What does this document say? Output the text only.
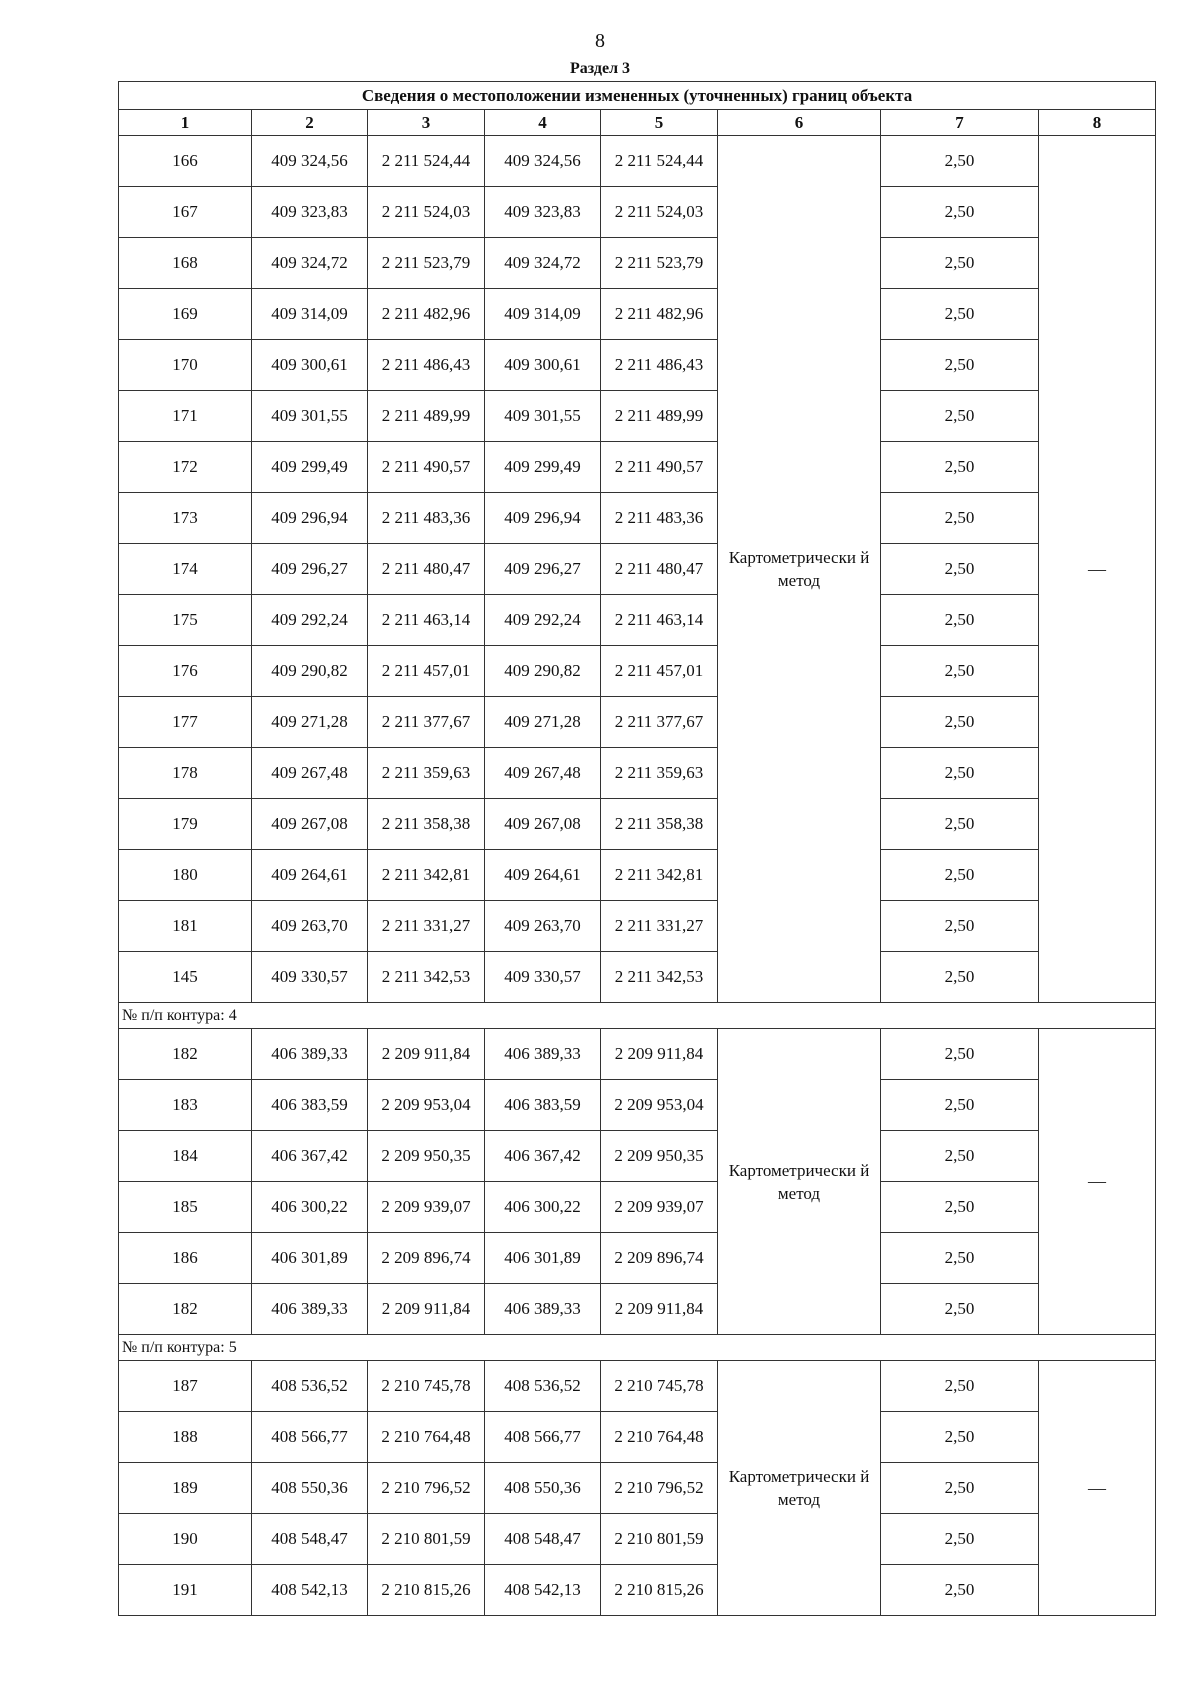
8
Раздел 3
Сведения о местоположении измененных (уточненных) границ объекта							
1	2	3	4	5	6	7	8
166	409 324,56	2 211 524,44	409 324,56	2 211 524,44	Картометрически й метод	2,50	—
167	409 323,83	2 211 524,03	409 323,83	2 211 524,03		2,50	
168	409 324,72	2 211 523,79	409 324,72	2 211 523,79		2,50	
169	409 314,09	2 211 482,96	409 314,09	2 211 482,96		2,50	
170	409 300,61	2 211 486,43	409 300,61	2 211 486,43		2,50	
171	409 301,55	2 211 489,99	409 301,55	2 211 489,99		2,50	
172	409 299,49	2 211 490,57	409 299,49	2 211 490,57		2,50	
173	409 296,94	2 211 483,36	409 296,94	2 211 483,36		2,50	
174	409 296,27	2 211 480,47	409 296,27	2 211 480,47		2,50	
175	409 292,24	2 211 463,14	409 292,24	2 211 463,14		2,50	
176	409 290,82	2 211 457,01	409 290,82	2 211 457,01		2,50	
177	409 271,28	2 211 377,67	409 271,28	2 211 377,67		2,50	
178	409 267,48	2 211 359,63	409 267,48	2 211 359,63		2,50	
179	409 267,08	2 211 358,38	409 267,08	2 211 358,38		2,50	
180	409 264,61	2 211 342,81	409 264,61	2 211 342,81		2,50	
181	409 263,70	2 211 331,27	409 263,70	2 211 331,27		2,50	
145	409 330,57	2 211 342,53	409 330,57	2 211 342,53		2,50	
№ п/п контура: 4							
182	406 389,33	2 209 911,84	406 389,33	2 209 911,84	Картометрически й метод	2,50	—
183	406 383,59	2 209 953,04	406 383,59	2 209 953,04		2,50	
184	406 367,42	2 209 950,35	406 367,42	2 209 950,35		2,50	
185	406 300,22	2 209 939,07	406 300,22	2 209 939,07		2,50	
186	406 301,89	2 209 896,74	406 301,89	2 209 896,74		2,50	
182	406 389,33	2 209 911,84	406 389,33	2 209 911,84		2,50	
№ п/п контура: 5							
187	408 536,52	2 210 745,78	408 536,52	2 210 745,78	Картометрически й метод	2,50	—
188	408 566,77	2 210 764,48	408 566,77	2 210 764,48		2,50	
189	408 550,36	2 210 796,52	408 550,36	2 210 796,52		2,50	
190	408 548,47	2 210 801,59	408 548,47	2 210 801,59		2,50	
191	408 542,13	2 210 815,26	408 542,13	2 210 815,26		2,50	
